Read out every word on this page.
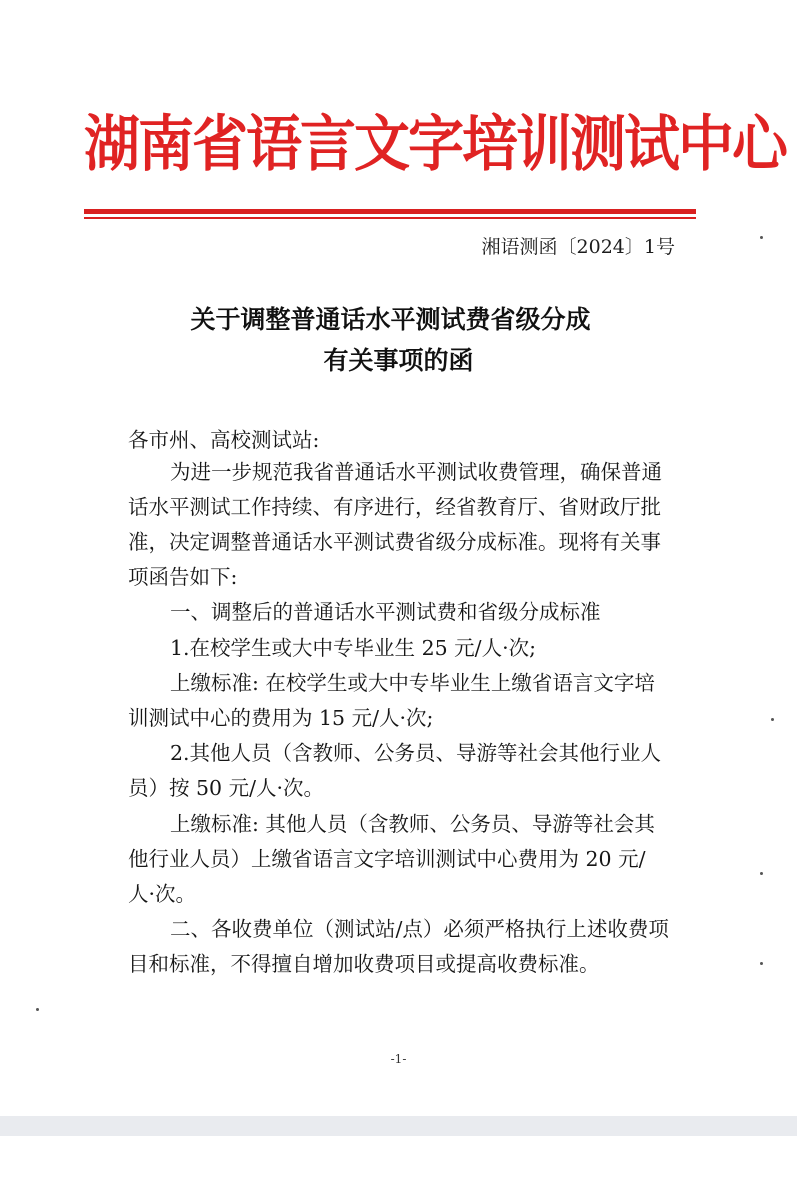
湖南省语言文字培训测试中心
湘语测函〔2024〕1号
关于调整普通话水平测试费省级分成
有关事项的函
各市州、高校测试站:
为进一步规范我省普通话水平测试收费管理，确保普通
话水平测试工作持续、有序进行，经省教育厅、省财政厅批
准，决定调整普通话水平测试费省级分成标准。现将有关事
项函告如下:
一、调整后的普通话水平测试费和省级分成标准
1.在校学生或大中专毕业生 25 元/人·次;
上缴标准: 在校学生或大中专毕业生上缴省语言文字培
训测试中心的费用为 15 元/人·次;
2.其他人员（含教师、公务员、导游等社会其他行业人
员）按 50 元/人·次。
上缴标准: 其他人员（含教师、公务员、导游等社会其
他行业人员）上缴省语言文字培训测试中心费用为 20 元/
人·次。
二、各收费单位（测试站/点）必须严格执行上述收费项
目和标准，不得擅自增加收费项目或提高收费标准。
-1-
